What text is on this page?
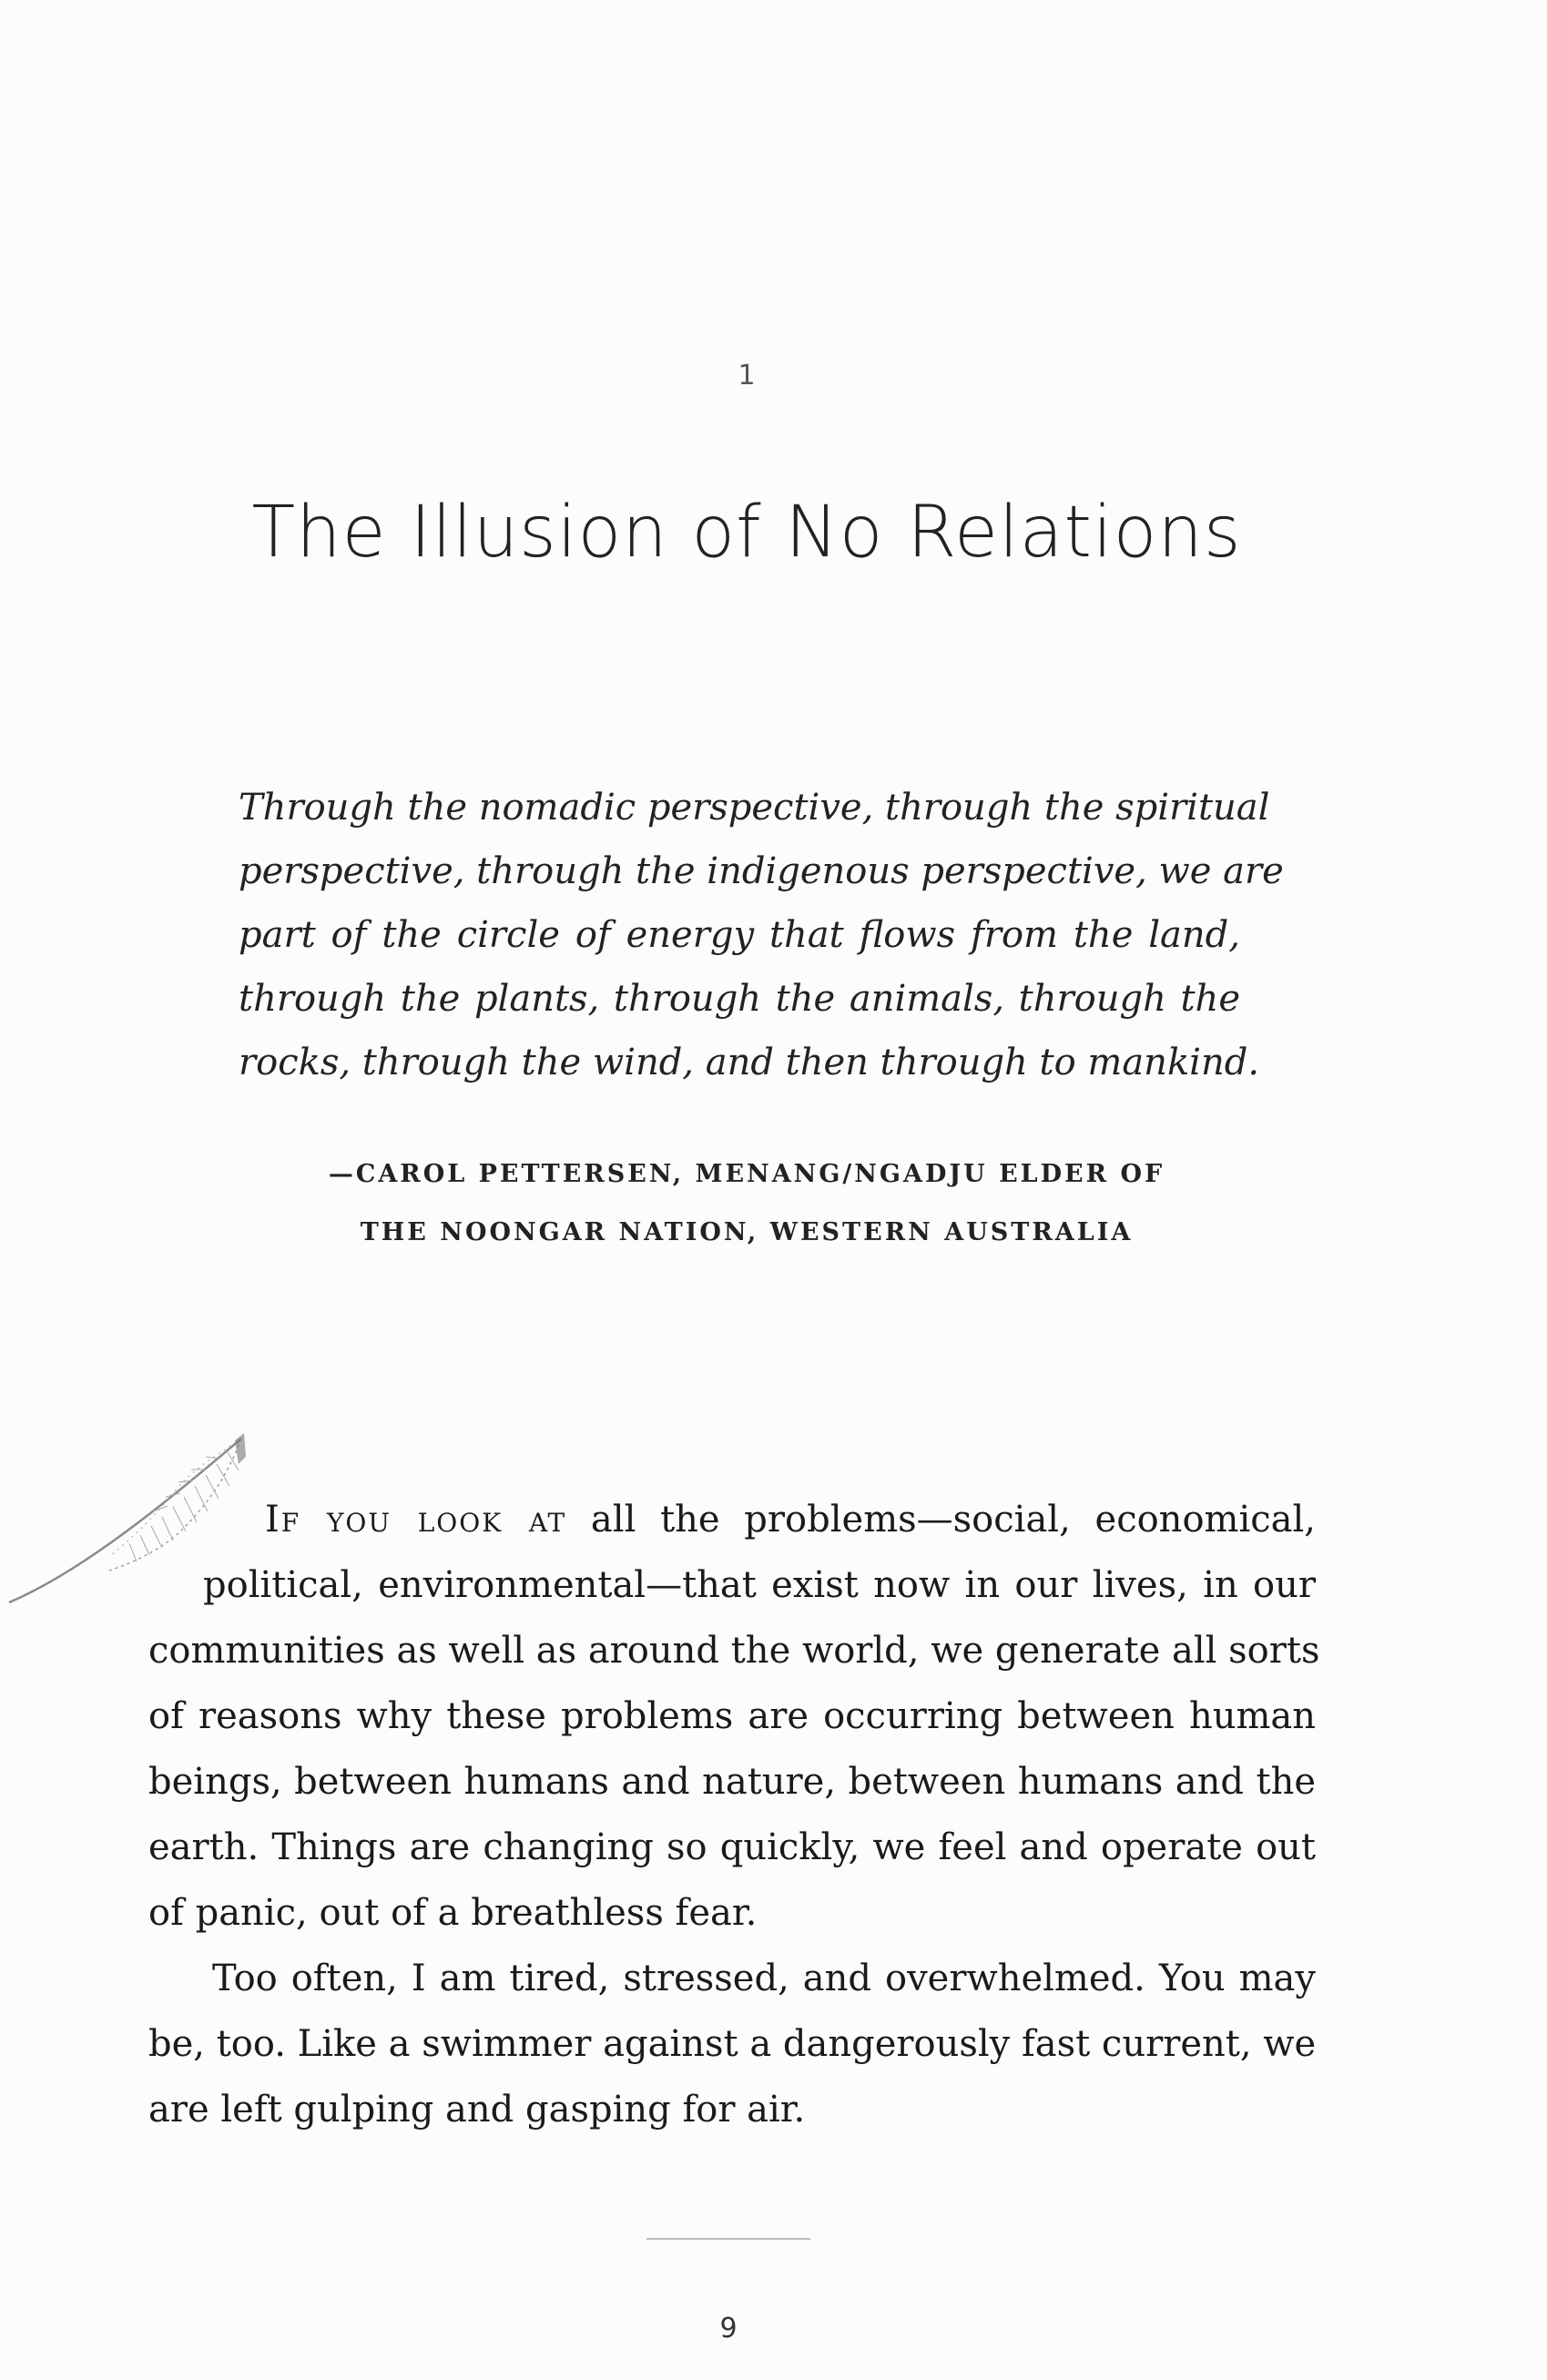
1
The Illusion of No Relations
Through the nomadic perspective, through the spiritual
perspective, through the indigenous perspective, we are
part of the circle of energy that flows from the land,
through the plants, through the animals, through the
rocks, through the wind, and then through to mankind.
—CAROL PETTERSEN, MENANG/NGADJU ELDER OF
THE NOONGAR NATION, WESTERN AUSTRALIA
If you look at all the problems—social, economical,
political, environmental—that exist now in our lives, in our
communities as well as around the world, we generate all sorts
of reasons why these problems are occurring between human
beings, between humans and nature, between humans and the
earth. Things are changing so quickly, we feel and operate out
of panic, out of a breathless fear.
Too often, I am tired, stressed, and overwhelmed. You may
be, too. Like a swimmer against a dangerously fast current, we
are left gulping and gasping for air.
9
